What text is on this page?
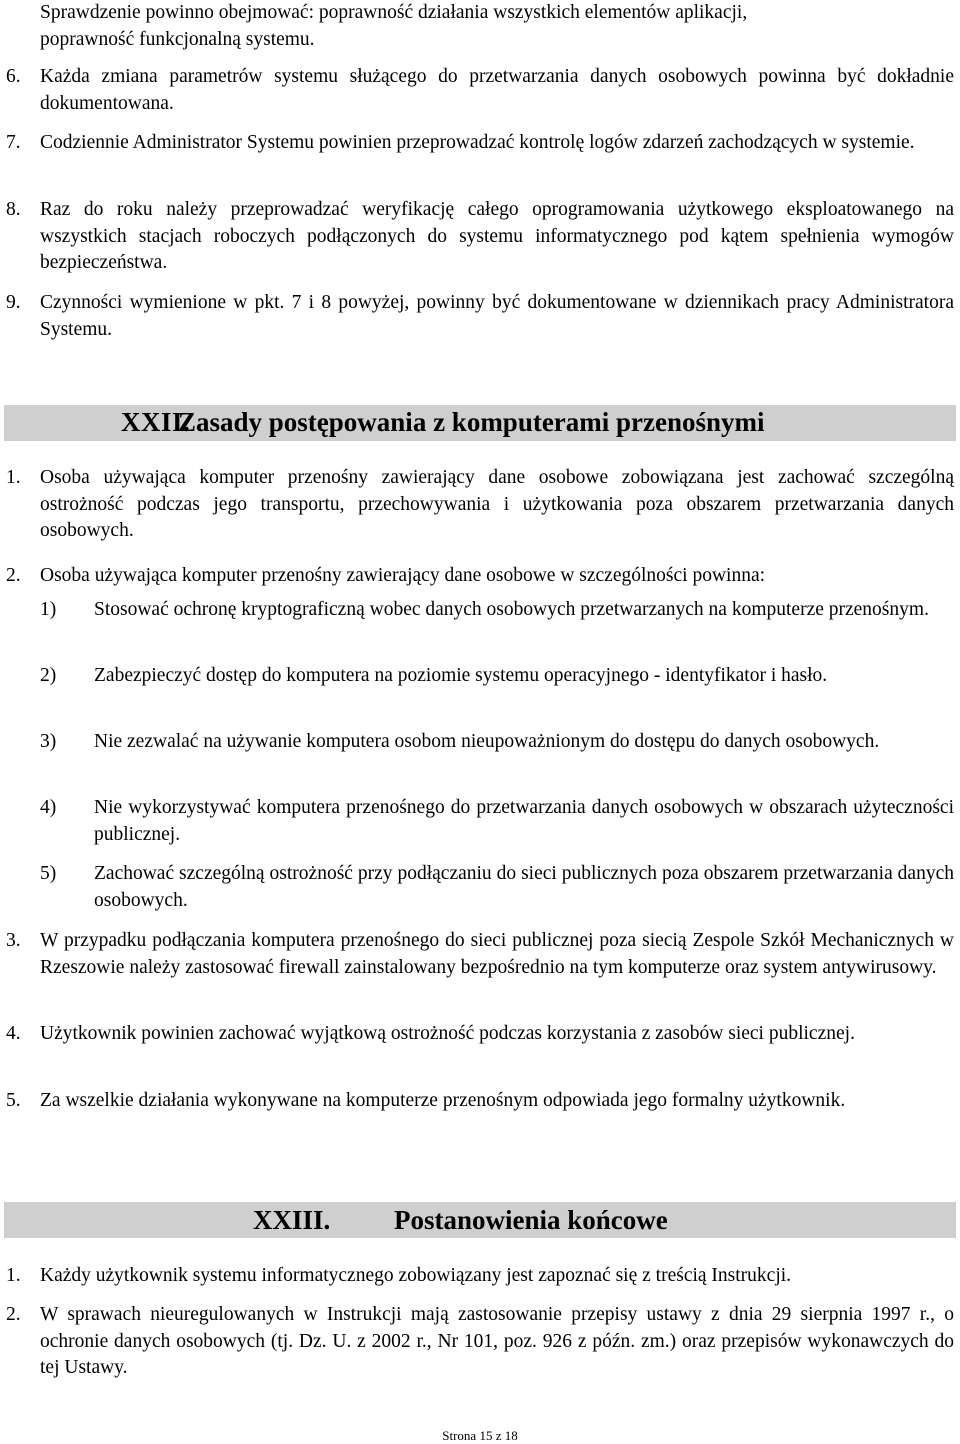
Sprawdzenie powinno obejmować: poprawność działania wszystkich elementów aplikacji,
poprawność funkcjonalną systemu.
6. Każda zmiana parametrów systemu służącego do przetwarzania danych osobowych powinna być dokładnie dokumentowana.
7. Codziennie Administrator Systemu powinien przeprowadzać kontrolę logów zdarzeń zachodzących w systemie.
8. Raz do roku należy przeprowadzać weryfikację całego oprogramowania użytkowego eksploatowanego na wszystkich stacjach roboczych podłączonych do systemu informatycznego pod kątem spełnienia wymogów bezpieczeństwa.
9. Czynności wymienione w pkt. 7 i 8 powyżej, powinny być dokumentowane w dziennikach pracy Administratora Systemu.
XXII.
Zasady postępowania z komputerami przenośnymi
1. Osoba używająca komputer przenośny zawierający dane osobowe zobowiązana jest zachować szczególną ostrożność podczas jego transportu, przechowywania i użytkowania poza obszarem przetwarzania danych osobowych.
2. Osoba używająca komputer przenośny zawierający dane osobowe w szczególności powinna:
1)	Stosować ochronę kryptograficzną wobec danych osobowych przetwarzanych na komputerze przenośnym.
2)	Zabezpieczyć dostęp do komputera na poziomie systemu operacyjnego - identyfikator i hasło.
3)	Nie zezwalać na używanie komputera osobom nieupoważnionym do dostępu do danych osobowych.
4)	Nie wykorzystywać komputera przenośnego do przetwarzania danych osobowych w obszarach użyteczności publicznej.
5)	Zachować szczególną ostrożność przy podłączaniu do sieci publicznych poza obszarem przetwarzania danych osobowych.
3. W przypadku podłączania komputera przenośnego do sieci publicznej poza siecią Zespole Szkół Mechanicznych w Rzeszowie należy zastosować firewall zainstalowany bezpośrednio na tym komputerze oraz system antywirusowy.
4. Użytkownik powinien zachować wyjątkową ostrożność podczas korzystania z zasobów sieci publicznej.
5. Za wszelkie działania wykonywane na komputerze przenośnym odpowiada jego formalny użytkownik.
XXIII. Postanowienia końcowe
1. Każdy użytkownik systemu informatycznego zobowiązany jest zapoznać się z treścią Instrukcji.
2. W sprawach nieuregulowanych w Instrukcji mają zastosowanie przepisy ustawy z dnia 29 sierpnia 1997 r., o ochronie danych osobowych (tj. Dz. U. z 2002 r., Nr 101, poz. 926 z późn. zm.) oraz przepisów wykonawczych do tej Ustawy.
Strona 15 z 18
